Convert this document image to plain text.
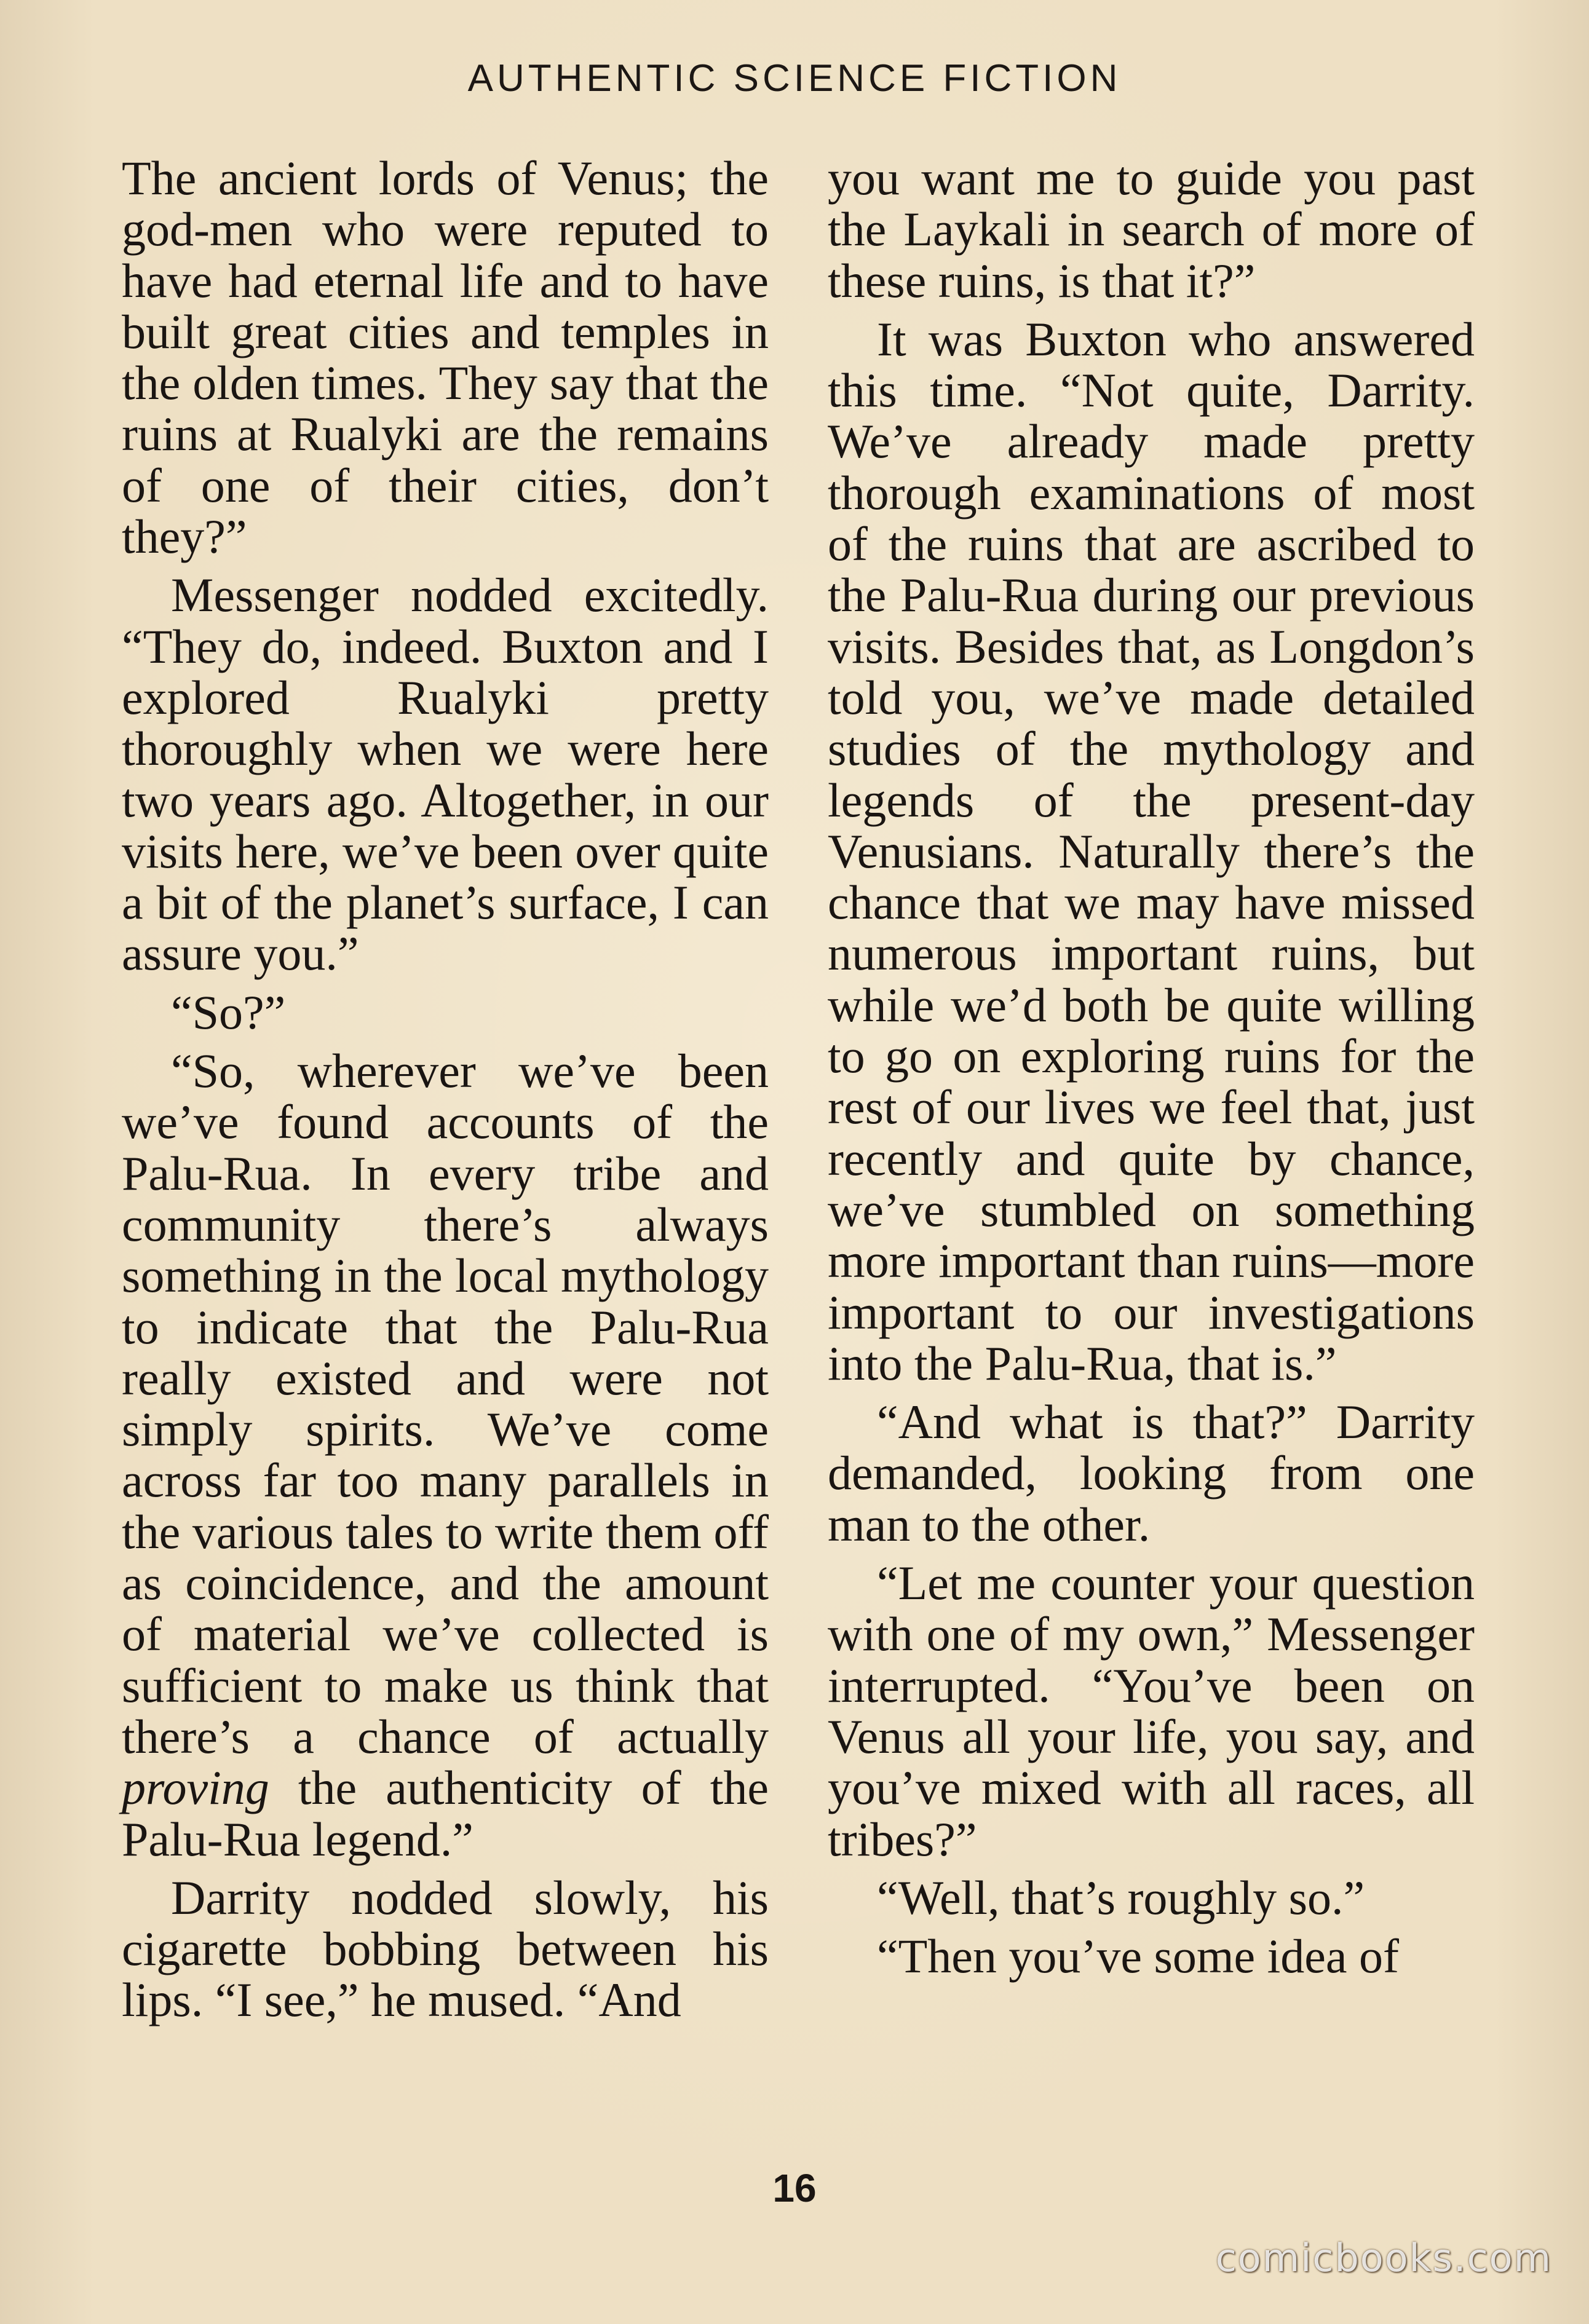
AUTHENTIC SCIENCE FICTION

The ancient lords of Venus; the god-men who were reputed to have had eternal life and to have built great cities and temples in the olden times. They say that the ruins at Rualyki are the remains of one of their cities, don’t they?”

Messenger nodded excitedly. “They do, indeed. Buxton and I explored Rualyki pretty thoroughly when we were here two years ago. Altogether, in our visits here, we’ve been over quite a bit of the planet’s surface, I can assure you.”

“So?”

“So, wherever we’ve been we’ve found accounts of the Palu-Rua. In every tribe and community there’s always something in the local mythology to indicate that the Palu-Rua really existed and were not simply spirits. We’ve come across far too many parallels in the various tales to write them off as coincidence, and the amount of material we’ve collected is sufficient to make us think that there’s a chance of actually proving the authenticity of the Palu-Rua legend.”

Darrity nodded slowly, his cigarette bobbing between his lips. “I see,” he mused. “And

you want me to guide you past the Laykali in search of more of these ruins, is that it?”

It was Buxton who answered this time. “Not quite, Darrity. We’ve already made pretty thorough examinations of most of the ruins that are ascribed to the Palu-Rua during our previous visits. Besides that, as Longdon’s told you, we’ve made detailed studies of the mythology and legends of the present-day Venusians. Naturally there’s the chance that we may have missed numerous important ruins, but while we’d both be quite willing to go on exploring ruins for the rest of our lives we feel that, just recently and quite by chance, we’ve stumbled on something more important than ruins—more important to our investigations into the Palu-Rua, that is.”

“And what is that?” Darrity demanded, looking from one man to the other.

“Let me counter your question with one of my own,” Messenger interrupted. “You’ve been on Venus all your life, you say, and you’ve mixed with all races, all tribes?”

“Well, that’s roughly so.”

“Then you’ve some idea of

16
comicbooks.com
